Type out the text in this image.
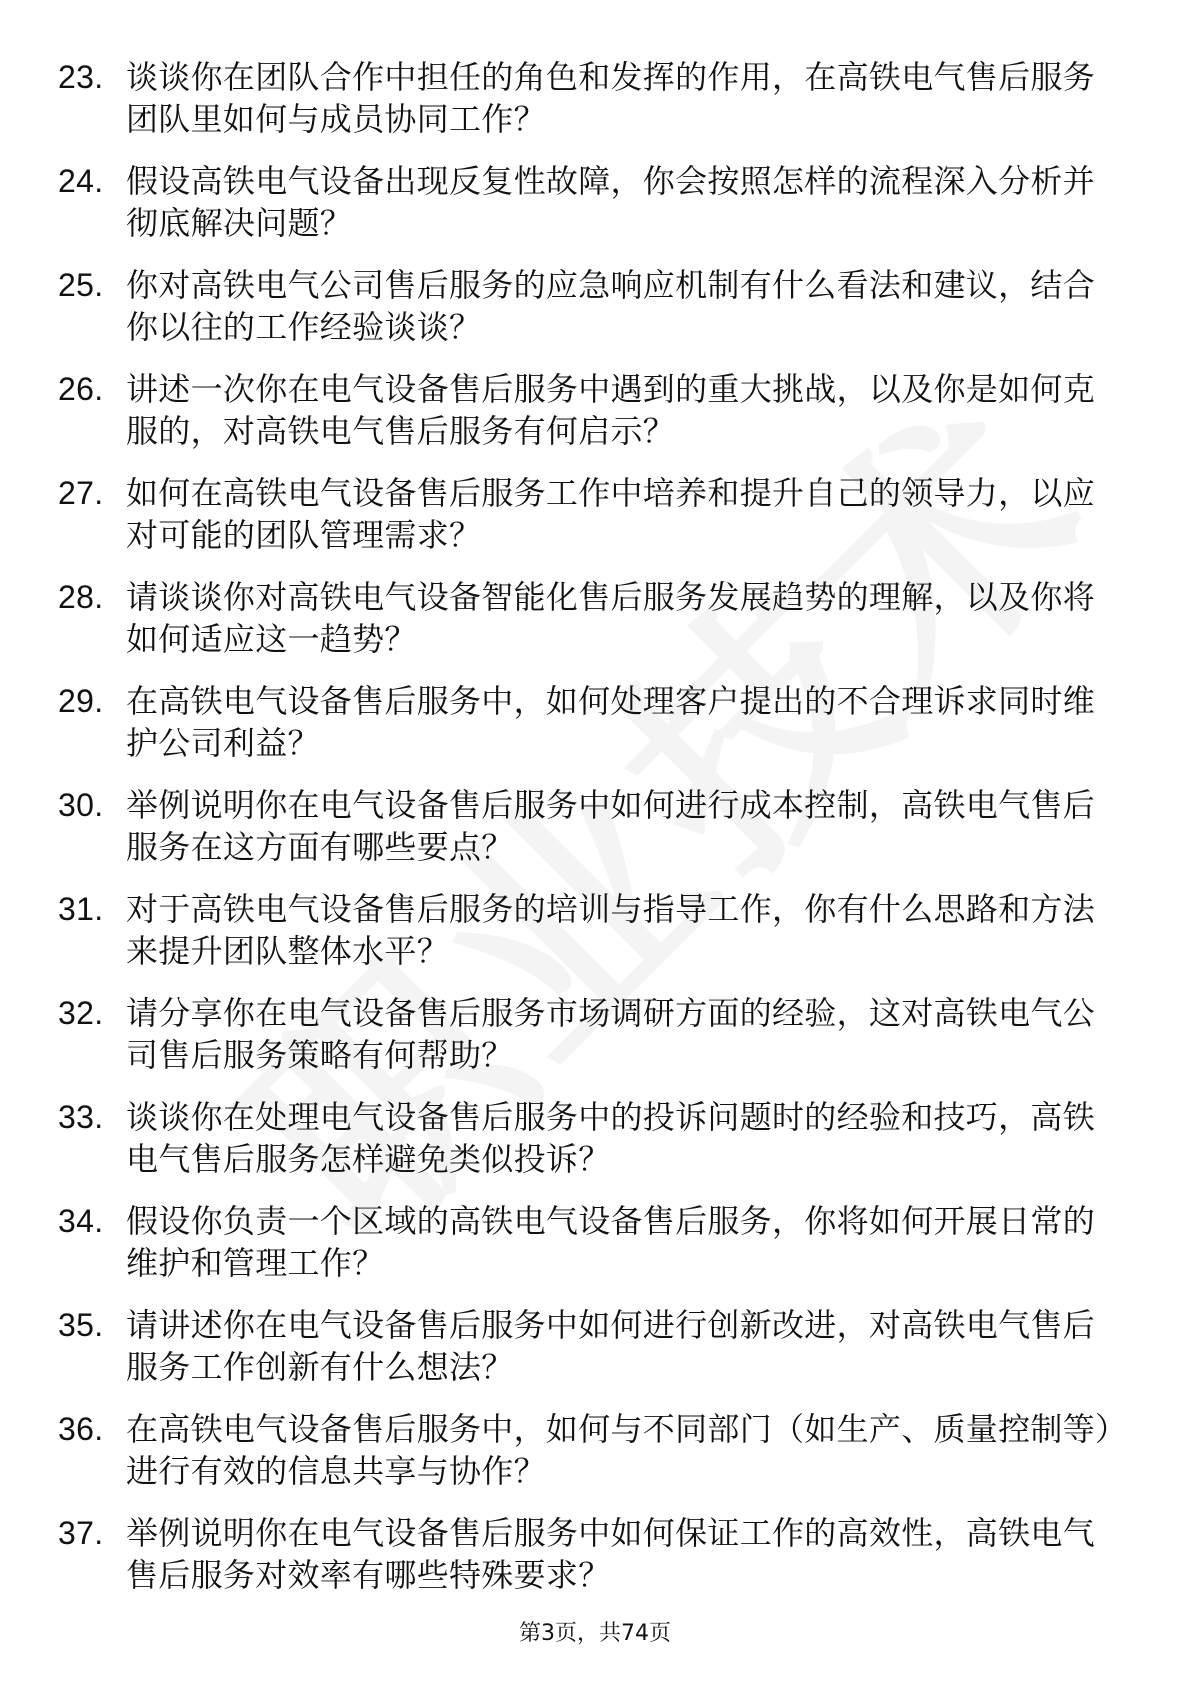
23. 谈谈你在团队合作中担任的角色和发挥的作用，在高铁电气售后服务团队里如何与成员协同工作？
24. 假设高铁电气设备出现反复性故障，你会按照怎样的流程深入分析并彻底解决问题？
25. 你对高铁电气公司售后服务的应急响应机制有什么看法和建议，结合你以往的工作经验谈谈？
26. 讲述一次你在电气设备售后服务中遇到的重大挑战，以及你是如何克服的，对高铁电气售后服务有何启示？
27. 如何在高铁电气设备售后服务工作中培养和提升自己的领导力，以应对可能的团队管理需求？
28. 请谈谈你对高铁电气设备智能化售后服务发展趋势的理解，以及你将如何适应这一趋势？
29. 在高铁电气设备售后服务中，如何处理客户提出的不合理诉求同时维护公司利益？
30. 举例说明你在电气设备售后服务中如何进行成本控制，高铁电气售后服务在这方面有哪些要点？
31. 对于高铁电气设备售后服务的培训与指导工作，你有什么思路和方法来提升团队整体水平？
32. 请分享你在电气设备售后服务市场调研方面的经验，这对高铁电气公司售后服务策略有何帮助？
33. 谈谈你在处理电气设备售后服务中的投诉问题时的经验和技巧，高铁电气售后服务怎样避免类似投诉？
34. 假设你负责一个区域的高铁电气设备售后服务，你将如何开展日常的维护和管理工作？
35. 请讲述你在电气设备售后服务中如何进行创新改进，对高铁电气售后服务工作创新有什么想法？
36. 在高铁电气设备售后服务中，如何与不同部门（如生产、质量控制等）进行有效的信息共享与协作？
37. 举例说明你在电气设备售后服务中如何保证工作的高效性，高铁电气售后服务对效率有哪些特殊要求？
第3页，共74页
